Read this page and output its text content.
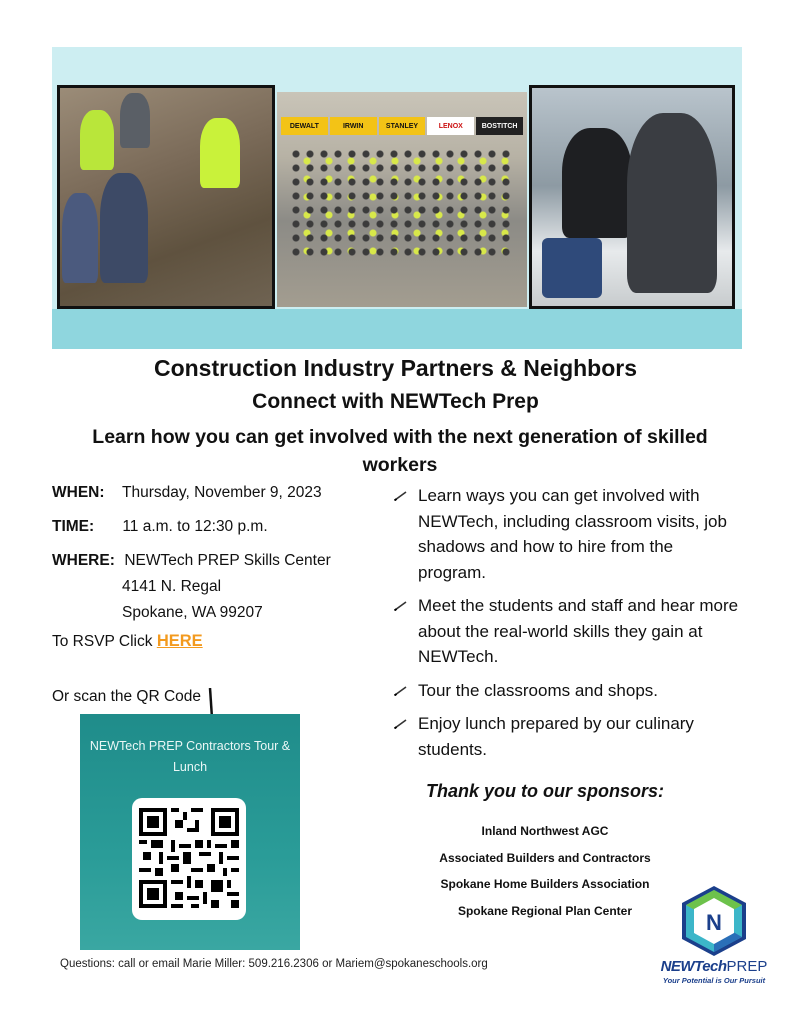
DEWALT	IRWIN	STANLEY	LENOX	BOSTITCH
Construction Industry Partners & Neighbors
Connect with NEWTech Prep
Learn how you can get involved with the next generation of skilled workers
WHEN: Thursday, November 9, 2023
TIME: 11 a.m. to 12:30 p.m.
WHERE: NEWTech PREP Skills Center
4141 N. Regal
Spokane, WA 99207
To RSVP Click HERE
Or scan the QR Code
NEWTech PREP Contractors Tour & Lunch
Learn ways you can get involved with NEWTech, including classroom visits, job shadows and how to hire from the program.
Meet the students and staff and hear more about the real-world skills they gain at NEWTech.
Tour the classrooms and shops.
Enjoy lunch prepared by our culinary students.
Thank you to our sponsors:
Inland Northwest AGC
Associated Builders and Contractors
Spokane Home Builders Association
Spokane Regional Plan Center
Questions: call or email Marie Miller: 509.216.2306 or Mariem@spokaneschools.org
N
NEWTechPREP
Your Potential is Our Pursuit
